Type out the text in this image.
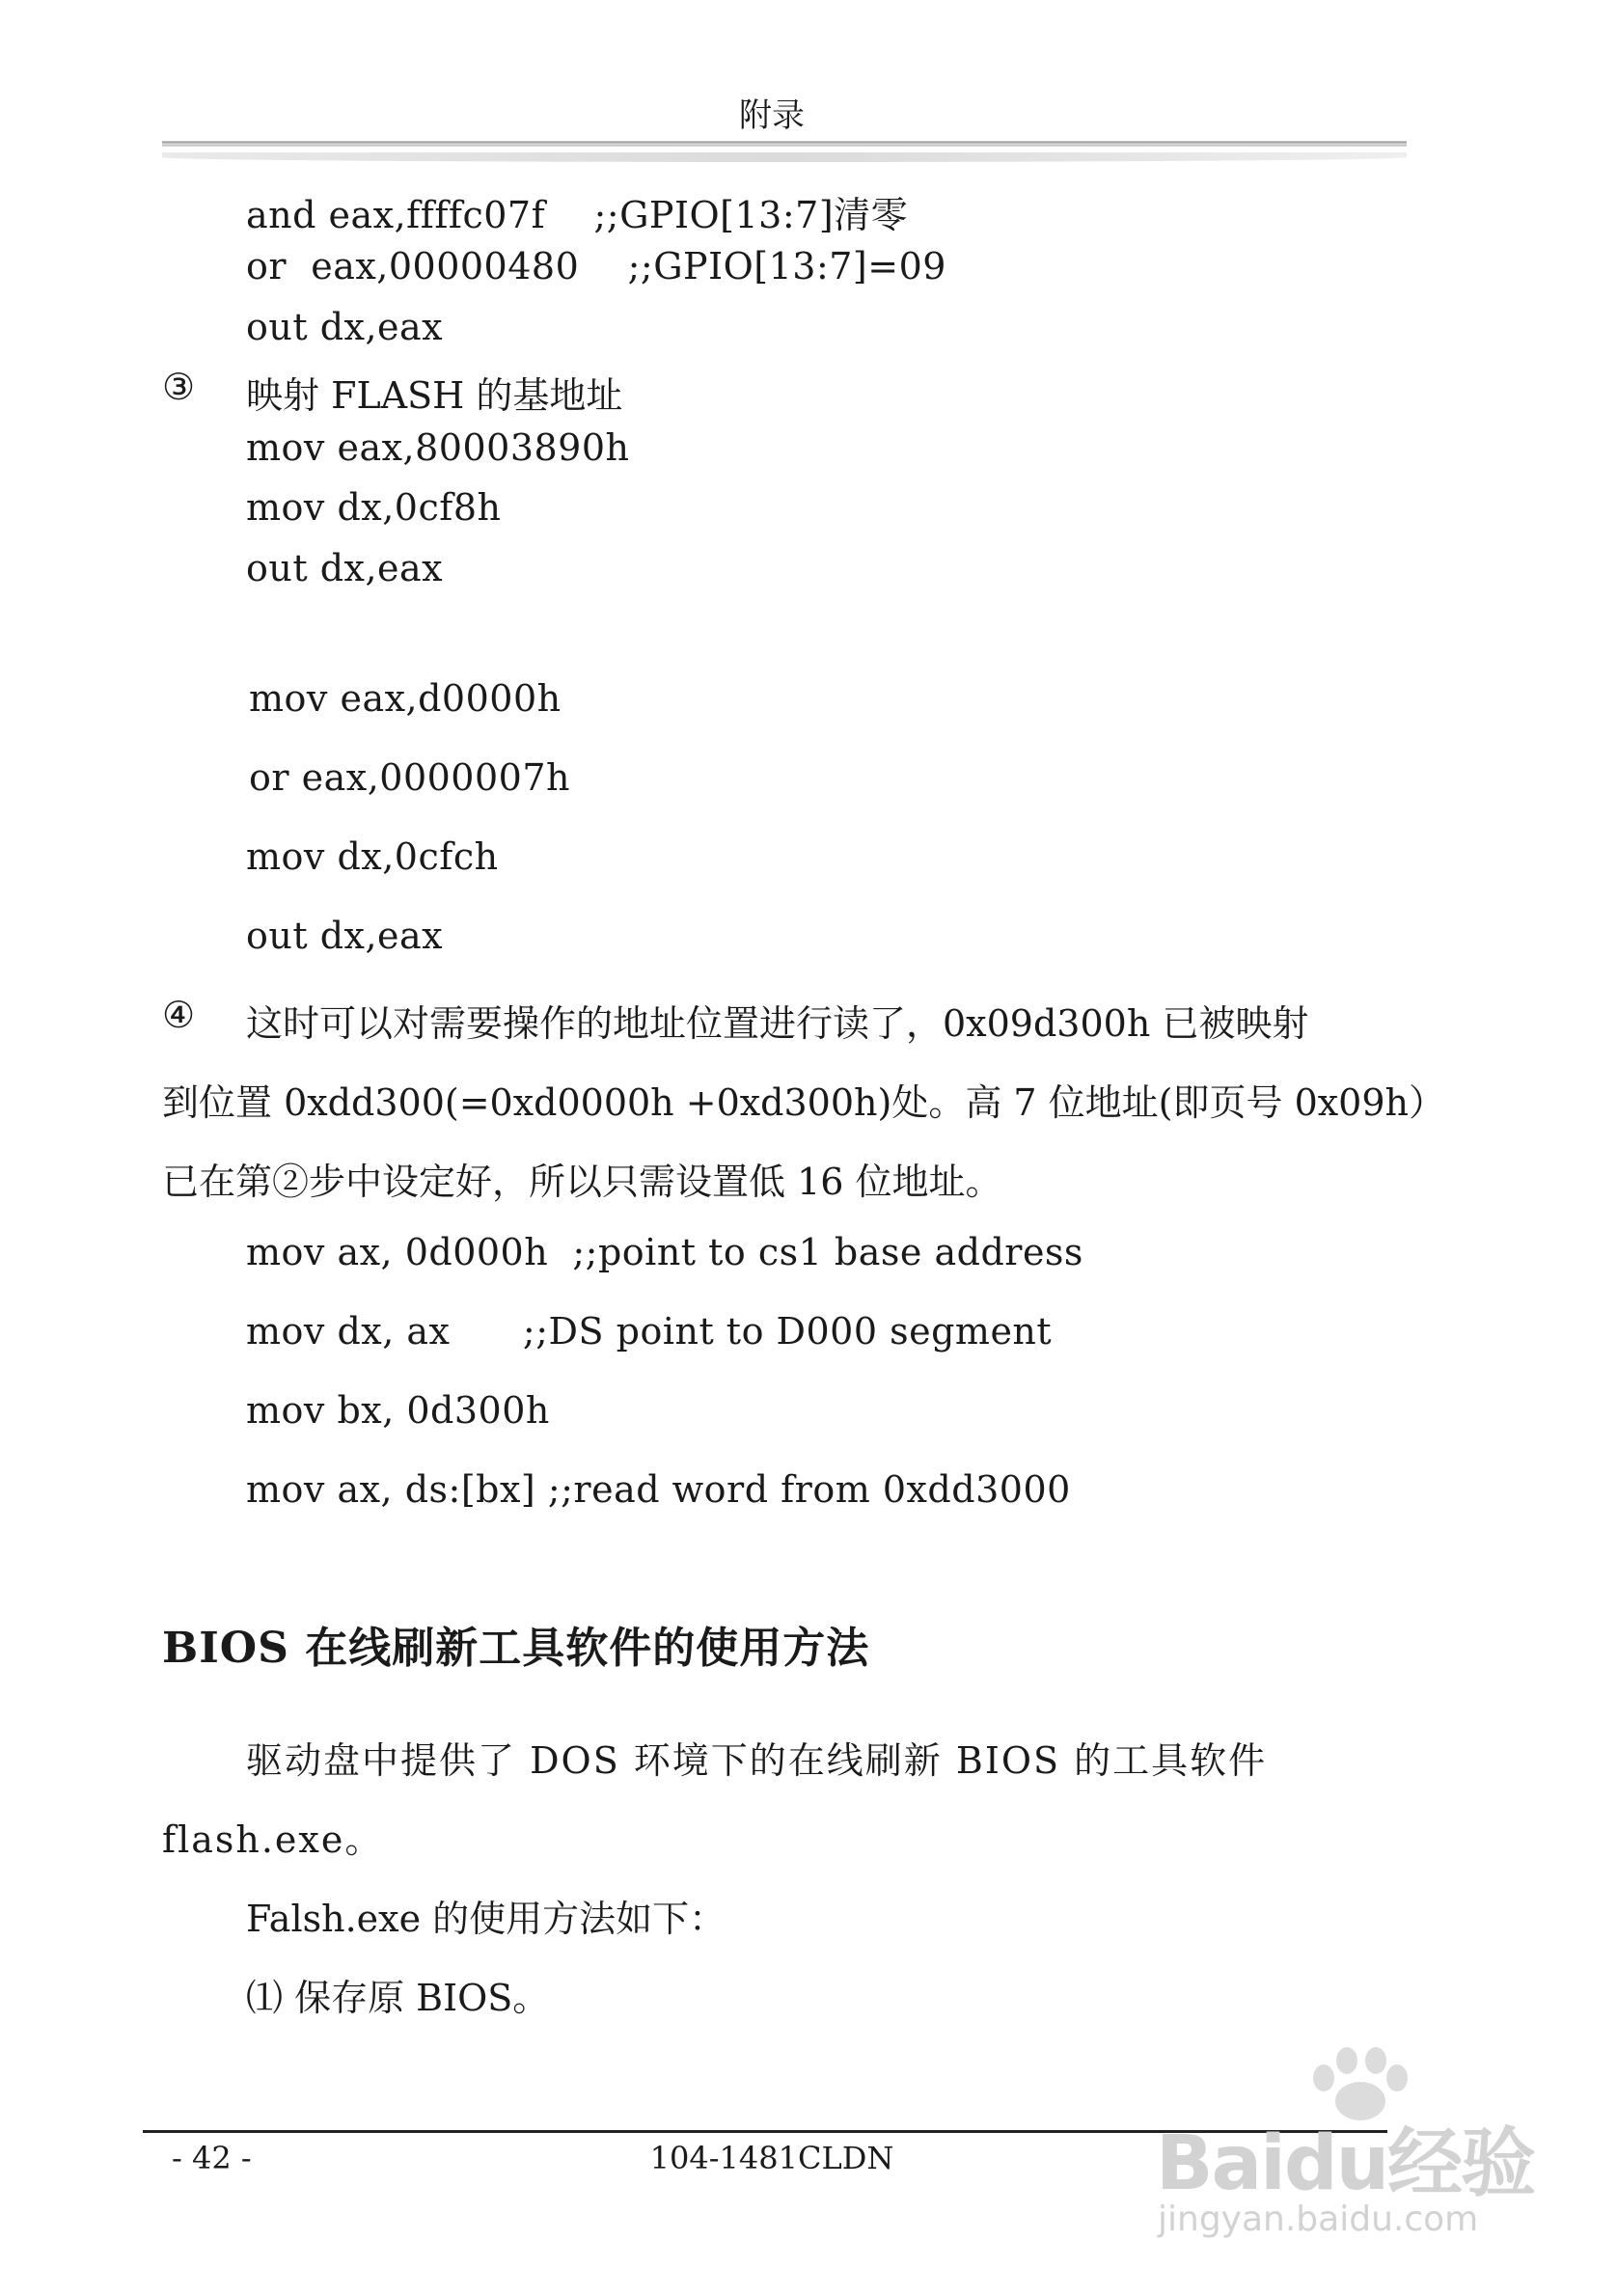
附录
and eax,ffffc07f    ;;GPIO[13:7]清零
or  eax,00000480    ;;GPIO[13:7]=09
out dx,eax
③ 映射 FLASH 的基地址
mov eax,80003890h
mov dx,0cf8h
out dx,eax
mov eax,d0000h
or eax,0000007h
mov dx,0cfch
out dx,eax
④ 这时可以对需要操作的地址位置进行读了，0x09d300h 已被映射
到位置 0xdd300(=0xd0000h +0xd300h)处。高 7 位地址(即页号 0x09h）
已在第②步中设定好，所以只需设置低 16 位地址。
mov ax, 0d000h  ;;point to cs1 base address
mov dx, ax      ;;DS point to D000 segment
mov bx, 0d300h
mov ax, ds:[bx] ;;read word from 0xdd3000
BIOS 在线刷新工具软件的使用方法
驱动盘中提供了 DOS 环境下的在线刷新 BIOS 的工具软件
flash.exe。
Falsh.exe 的使用方法如下：
⑴ 保存原 BIOS。
- 42 -	104-1481CLDN

	Baidu经验

jingyan.baidu.com
